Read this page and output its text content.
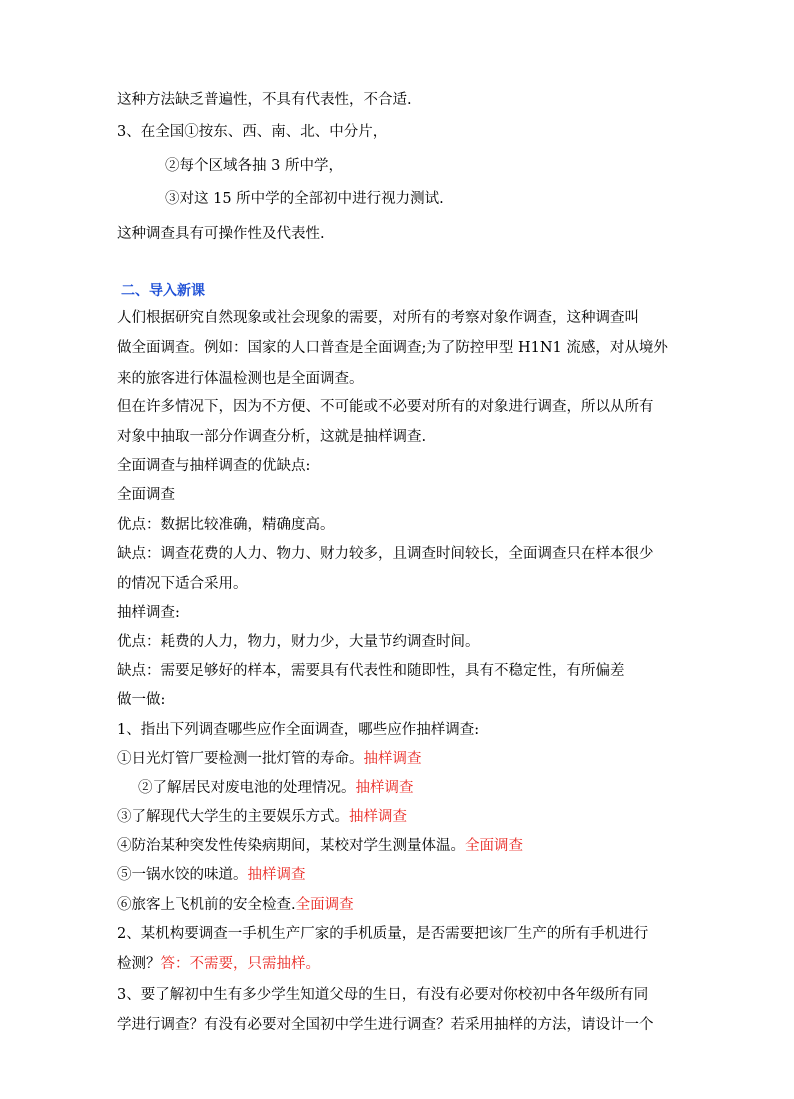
这种方法缺乏普遍性，不具有代表性，不合适.
3、在全国①按东、西、南、北、中分片，
②每个区域各抽 3 所中学，
③对这 15 所中学的全部初中进行视力测试.
这种调查具有可操作性及代表性.
二、导入新课
人们根据研究自然现象或社会现象的需要，对所有的考察对象作调查，这种调查叫
做全面调查。例如：国家的人口普查是全面调查;为了防控甲型 H1N1 流感，对从境外
来的旅客进行体温检测也是全面调查。
但在许多情况下，因为不方便、不可能或不必要对所有的对象进行调查，所以从所有
对象中抽取一部分作调查分析，这就是抽样调查.
全面调查与抽样调查的优缺点:
全面调查
优点：数据比较准确，精确度高。
缺点：调查花费的人力、物力、财力较多，且调查时间较长，全面调查只在样本很少
的情况下适合采用。
抽样调查:
优点：耗费的人力，物力，财力少，大量节约调查时间。
缺点：需要足够好的样本，需要具有代表性和随即性，具有不稳定性，有所偏差
做一做:
1、指出下列调查哪些应作全面调查，哪些应作抽样调查:
①日光灯管厂要检测一批灯管的寿命。抽样调查
②了解居民对废电池的处理情况。抽样调查
③了解现代大学生的主要娱乐方式。抽样调查
④防治某种突发性传染病期间，某校对学生测量体温。全面调查
⑤一锅水饺的味道。抽样调查
⑥旅客上飞机前的安全检查.全面调查
2、某机构要调查一手机生产厂家的手机质量，是否需要把该厂生产的所有手机进行
检测？答：不需要，只需抽样。
3、要了解初中生有多少学生知道父母的生日，有没有必要对你校初中各年级所有同
学进行调查？有没有必要对全国初中学生进行调查？若采用抽样的方法，请设计一个
